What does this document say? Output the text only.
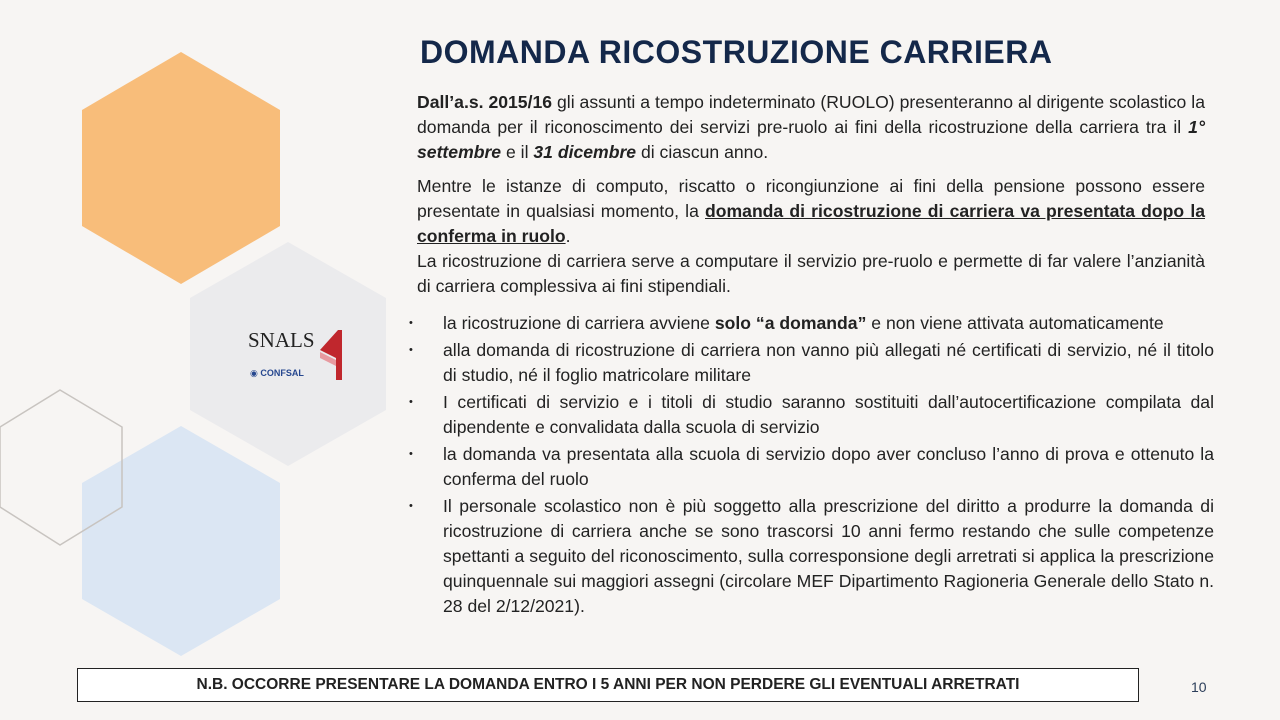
SNALS
◉ CONFSAL
DOMANDA RICOSTRUZIONE CARRIERA

Dall’a.s. 2015/16 gli assunti a tempo indeterminato (RUOLO) presenteranno al dirigente scolastico la domanda per il riconoscimento dei servizi pre-ruolo ai fini della ricostruzione della carriera tra il 1° settembre e il 31 dicembre di ciascun anno.

Mentre le istanze di computo, riscatto o ricongiunzione ai fini della pensione possono essere presentate in qualsiasi momento, la domanda di ricostruzione di carriera va presentata dopo la conferma in ruolo.

La ricostruzione di carriera serve a computare il servizio pre-ruolo e permette di far valere l’anzianità di carriera complessiva ai fini stipendiali.

• la ricostruzione di carriera avviene solo “a domanda” e non viene attivata automaticamente
• alla domanda di ricostruzione di carriera non vanno più allegati né certificati di servizio, né il titolo di studio, né il foglio matricolare militare
• I certificati di servizio e i titoli di studio saranno sostituiti dall’autocertificazione compilata dal dipendente e convalidata dalla scuola di servizio
• la domanda va presentata alla scuola di servizio dopo aver concluso l’anno di prova e ottenuto la conferma del ruolo
• Il personale scolastico non è più soggetto alla prescrizione del diritto a produrre la domanda di ricostruzione di carriera anche se sono trascorsi 10 anni fermo restando che sulle competenze spettanti a seguito del riconoscimento, sulla corresponsione degli arretrati si applica la prescrizione quinquennale sui maggiori assegni (circolare MEF Dipartimento Ragioneria Generale dello Stato n. 28 del 2/12/2021).
N.B. OCCORRE PRESENTARE LA DOMANDA ENTRO I 5 ANNI PER NON PERDERE GLI EVENTUALI ARRETRATI	10
